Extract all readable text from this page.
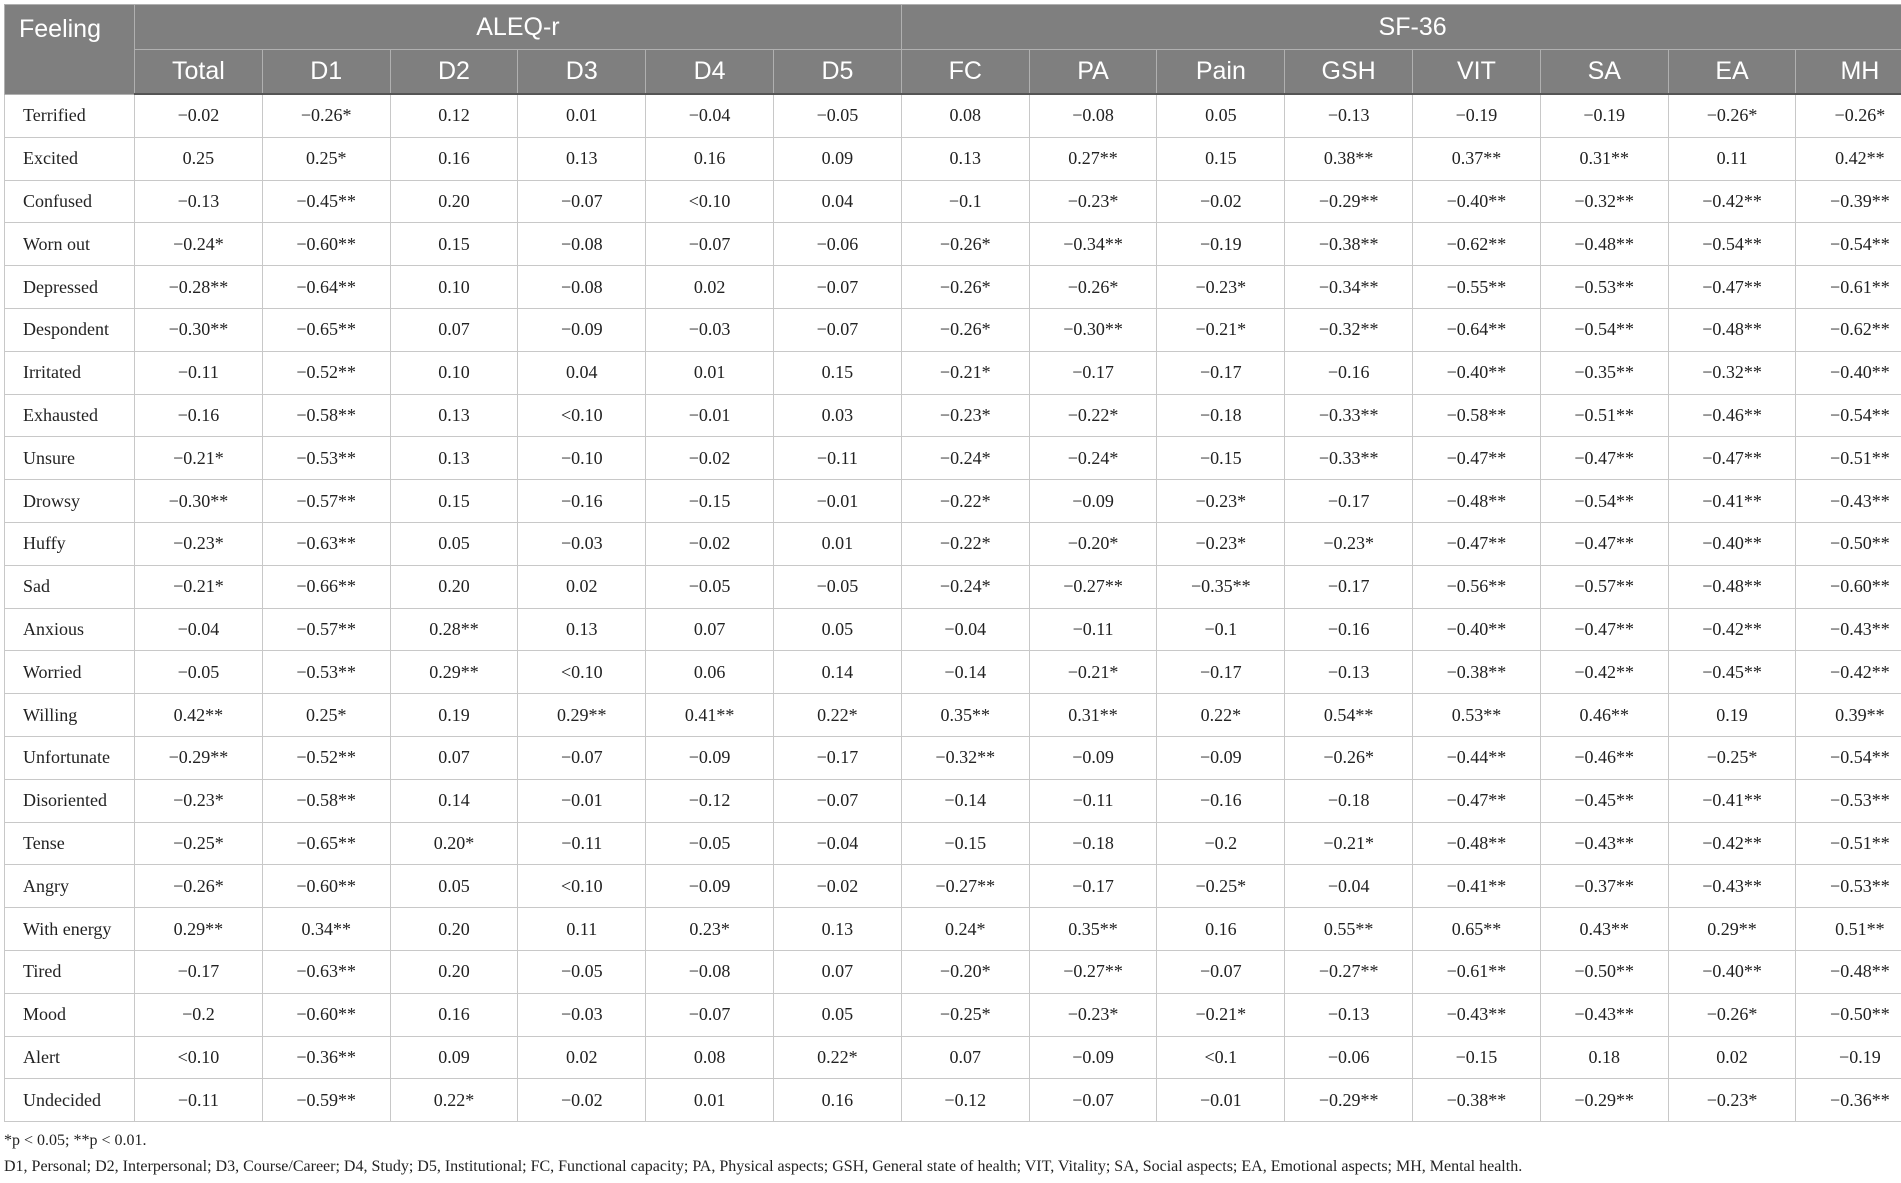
Feeling	ALEQ-r						SF-36							
	Total	D1	D2	D3	D4	D5	FC	PA	Pain	GSH	VIT	SA	EA	MH
Terrified	−0.02	−0.26*	0.12	0.01	−0.04	−0.05	0.08	−0.08	0.05	−0.13	−0.19	−0.19	−0.26*	−0.26*
Excited	0.25	0.25*	0.16	0.13	0.16	0.09	0.13	0.27**	0.15	0.38**	0.37**	0.31**	0.11	0.42**
Confused	−0.13	−0.45**	0.20	−0.07	<0.10	0.04	−0.1	−0.23*	−0.02	−0.29**	−0.40**	−0.32**	−0.42**	−0.39**
Worn out	−0.24*	−0.60**	0.15	−0.08	−0.07	−0.06	−0.26*	−0.34**	−0.19	−0.38**	−0.62**	−0.48**	−0.54**	−0.54**
Depressed	−0.28**	−0.64**	0.10	−0.08	0.02	−0.07	−0.26*	−0.26*	−0.23*	−0.34**	−0.55**	−0.53**	−0.47**	−0.61**
Despondent	−0.30**	−0.65**	0.07	−0.09	−0.03	−0.07	−0.26*	−0.30**	−0.21*	−0.32**	−0.64**	−0.54**	−0.48**	−0.62**
Irritated	−0.11	−0.52**	0.10	0.04	0.01	0.15	−0.21*	−0.17	−0.17	−0.16	−0.40**	−0.35**	−0.32**	−0.40**
Exhausted	−0.16	−0.58**	0.13	<0.10	−0.01	0.03	−0.23*	−0.22*	−0.18	−0.33**	−0.58**	−0.51**	−0.46**	−0.54**
Unsure	−0.21*	−0.53**	0.13	−0.10	−0.02	−0.11	−0.24*	−0.24*	−0.15	−0.33**	−0.47**	−0.47**	−0.47**	−0.51**
Drowsy	−0.30**	−0.57**	0.15	−0.16	−0.15	−0.01	−0.22*	−0.09	−0.23*	−0.17	−0.48**	−0.54**	−0.41**	−0.43**
Huffy	−0.23*	−0.63**	0.05	−0.03	−0.02	0.01	−0.22*	−0.20*	−0.23*	−0.23*	−0.47**	−0.47**	−0.40**	−0.50**
Sad	−0.21*	−0.66**	0.20	0.02	−0.05	−0.05	−0.24*	−0.27**	−0.35**	−0.17	−0.56**	−0.57**	−0.48**	−0.60**
Anxious	−0.04	−0.57**	0.28**	0.13	0.07	0.05	−0.04	−0.11	−0.1	−0.16	−0.40**	−0.47**	−0.42**	−0.43**
Worried	−0.05	−0.53**	0.29**	<0.10	0.06	0.14	−0.14	−0.21*	−0.17	−0.13	−0.38**	−0.42**	−0.45**	−0.42**
Willing	0.42**	0.25*	0.19	0.29**	0.41**	0.22*	0.35**	0.31**	0.22*	0.54**	0.53**	0.46**	0.19	0.39**
Unfortunate	−0.29**	−0.52**	0.07	−0.07	−0.09	−0.17	−0.32**	−0.09	−0.09	−0.26*	−0.44**	−0.46**	−0.25*	−0.54**
Disoriented	−0.23*	−0.58**	0.14	−0.01	−0.12	−0.07	−0.14	−0.11	−0.16	−0.18	−0.47**	−0.45**	−0.41**	−0.53**
Tense	−0.25*	−0.65**	0.20*	−0.11	−0.05	−0.04	−0.15	−0.18	−0.2	−0.21*	−0.48**	−0.43**	−0.42**	−0.51**
Angry	−0.26*	−0.60**	0.05	<0.10	−0.09	−0.02	−0.27**	−0.17	−0.25*	−0.04	−0.41**	−0.37**	−0.43**	−0.53**
With energy	0.29**	0.34**	0.20	0.11	0.23*	0.13	0.24*	0.35**	0.16	0.55**	0.65**	0.43**	0.29**	0.51**
Tired	−0.17	−0.63**	0.20	−0.05	−0.08	0.07	−0.20*	−0.27**	−0.07	−0.27**	−0.61**	−0.50**	−0.40**	−0.48**
Mood	−0.2	−0.60**	0.16	−0.03	−0.07	0.05	−0.25*	−0.23*	−0.21*	−0.13	−0.43**	−0.43**	−0.26*	−0.50**
Alert	<0.10	−0.36**	0.09	0.02	0.08	0.22*	0.07	−0.09	<0.1	−0.06	−0.15	0.18	0.02	−0.19
Undecided	−0.11	−0.59**	0.22*	−0.02	0.01	0.16	−0.12	−0.07	−0.01	−0.29**	−0.38**	−0.29**	−0.23*	−0.36**
*p < 0.05; **p < 0.01.
D1, Personal; D2, Interpersonal; D3, Course/Career; D4, Study; D5, Institutional; FC, Functional capacity; PA, Physical aspects; GSH, General state of health; VIT, Vitality; SA, Social aspects; EA, Emotional aspects; MH, Mental health.
